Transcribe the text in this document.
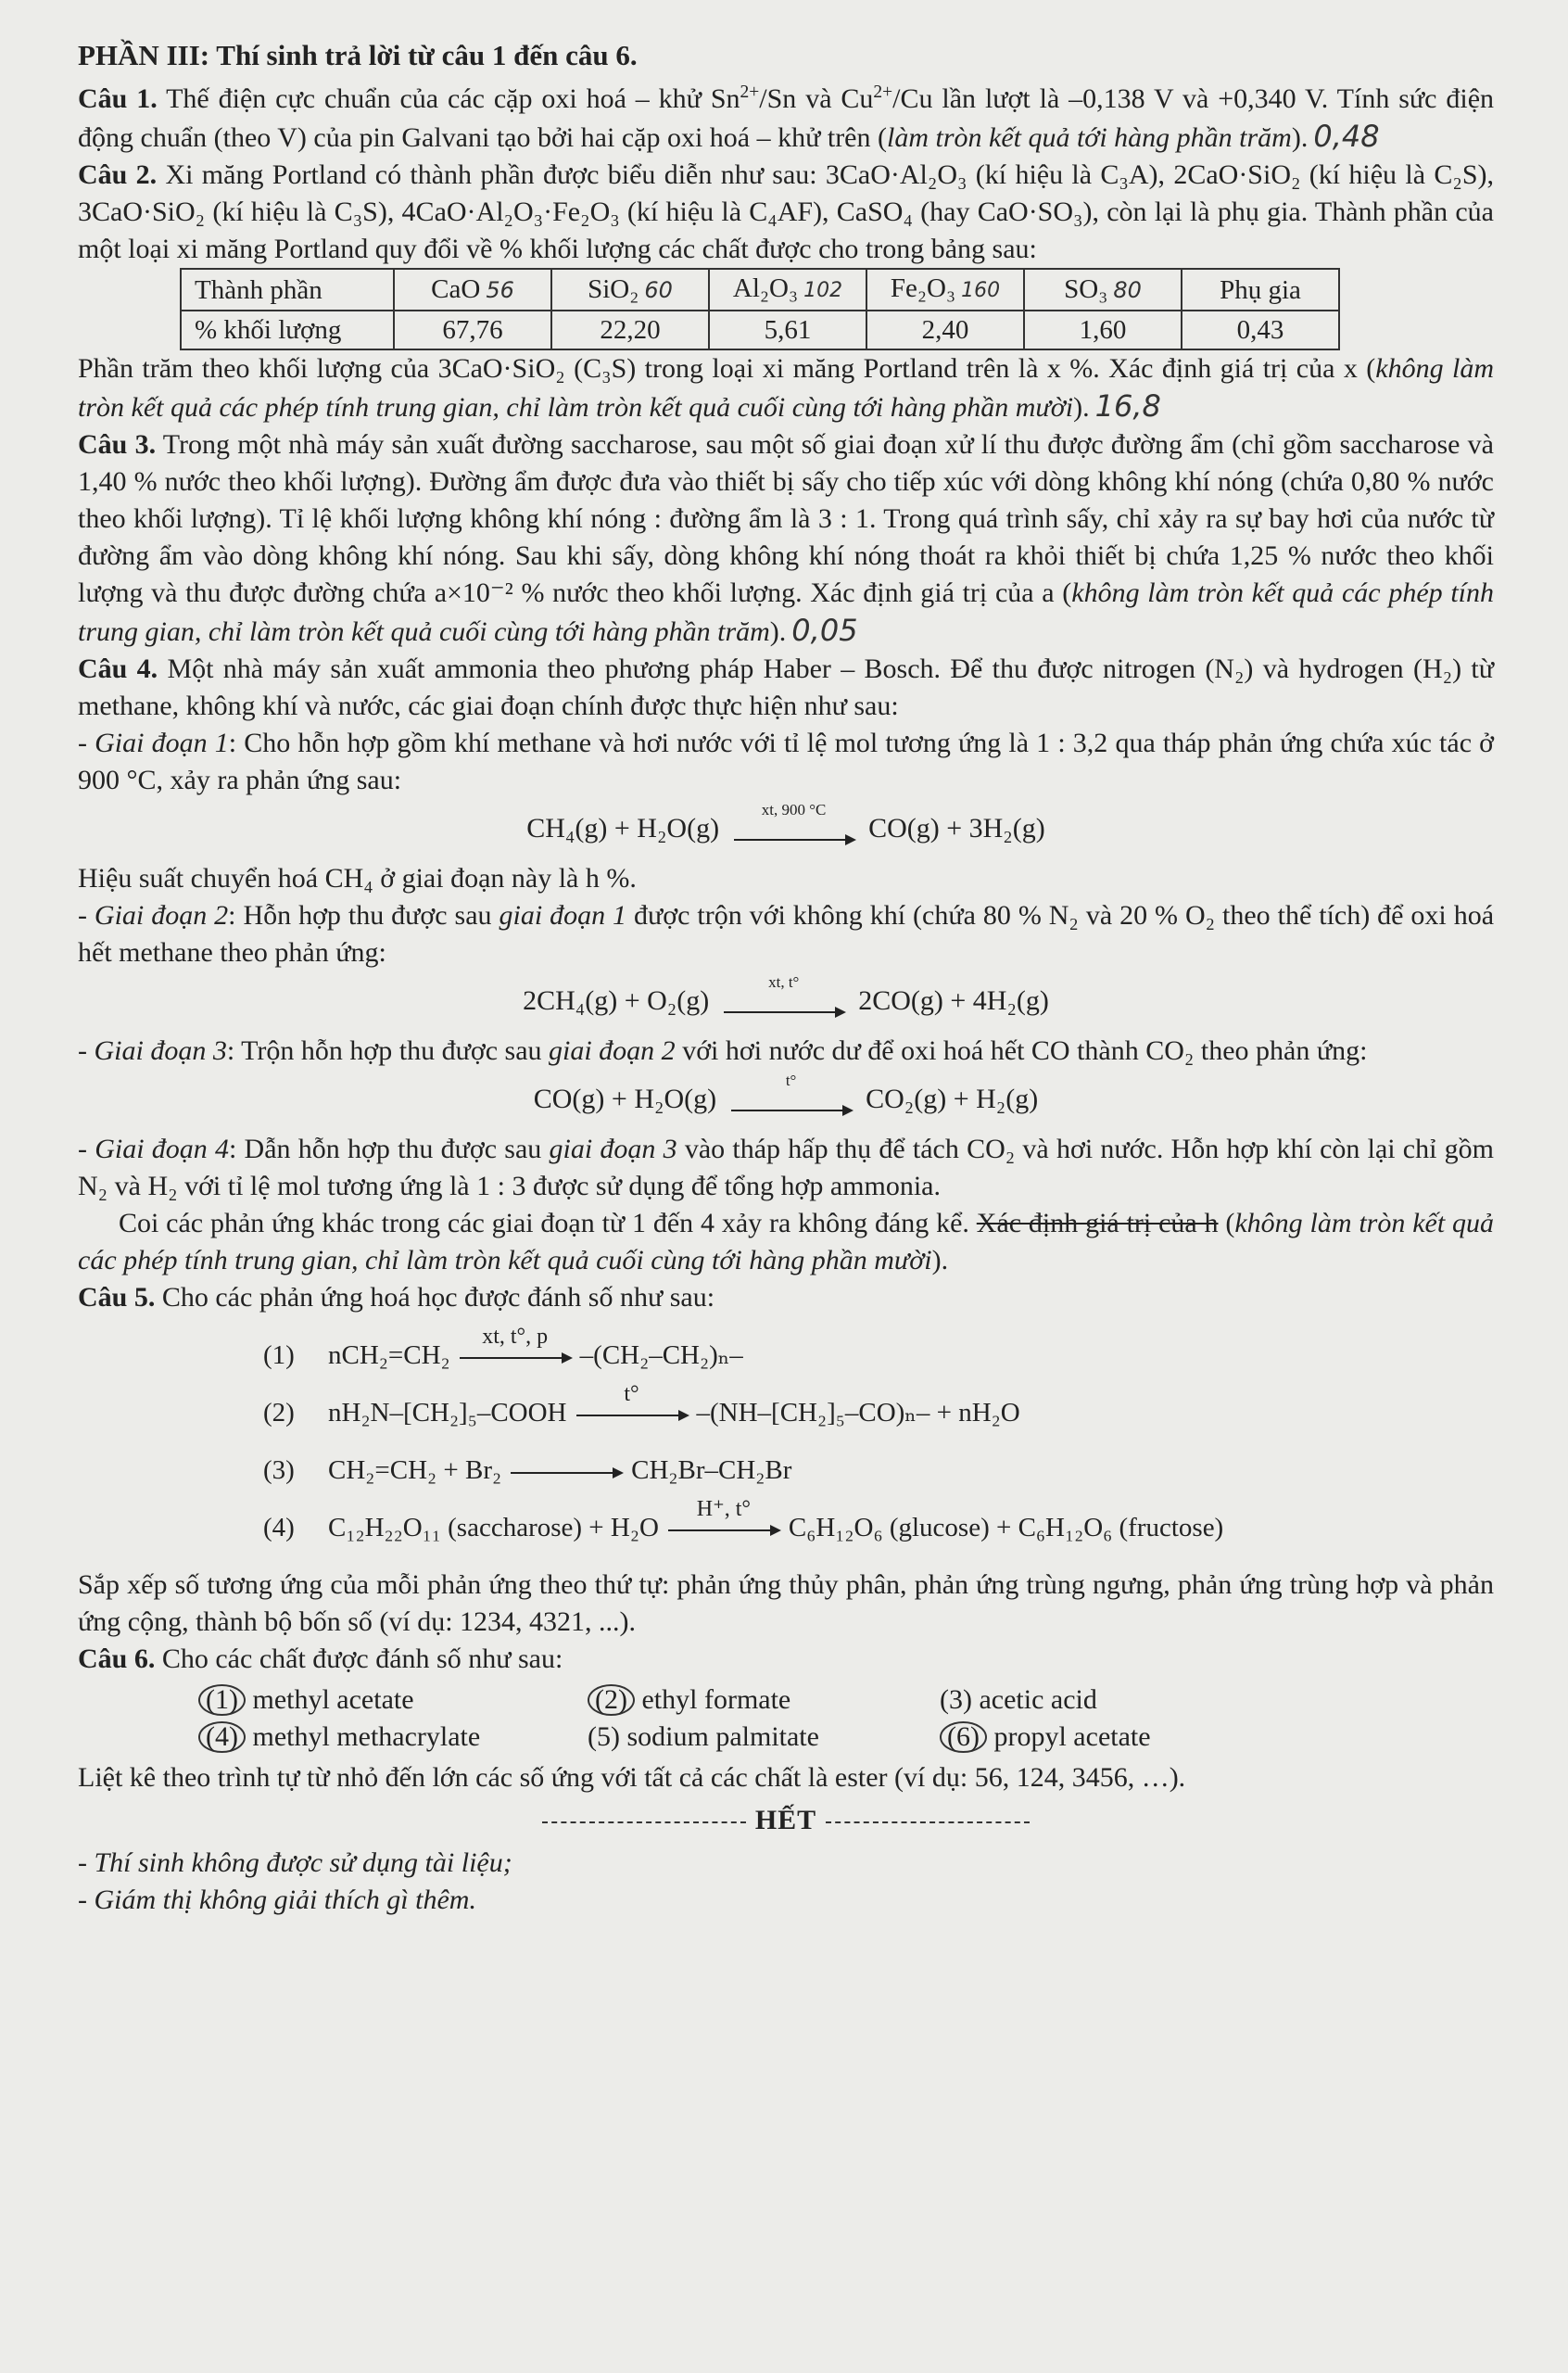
PHẦN III: Thí sinh trả lời từ câu 1 đến câu 6.

Câu 1. Thế điện cực chuẩn của các cặp oxi hoá – khử $Sn^{2+}/Sn$ và $Cu^{2+}/Cu$ lần lượt là –0,138 V và +0,340 V. Tính sức điện động chuẩn (theo V) của pin Galvani tạo bởi hai cặp oxi hoá – khử trên (làm tròn kết quả tới hàng phần trăm). 0,48

Câu 2. Xi măng Portland có thành phần được biểu diễn như sau: 3CaO·Al₂O₃ (kí hiệu là C₃A), 2CaO·SiO₂ (kí hiệu là C₂S), 3CaO·SiO₂ (kí hiệu là C₃S), 4CaO·Al₂O₃·Fe₂O₃ (kí hiệu là C₄AF), CaSO₄ (hay CaO·SO₃), còn lại là phụ gia. Thành phần của một loại xi măng Portland quy đổi về % khối lượng các chất được cho trong bảng sau:

Thành phần	CaO 56	SiO₂ 60	Al₂O₃ 102	Fe₂O₃ 160	SO₃ 80	Phụ gia
% khối lượng	67,76	22,20	5,61	2,40	1,60	0,43

Phần trăm theo khối lượng của 3CaO·SiO₂ (C₃S) trong loại xi măng Portland trên là x %. Xác định giá trị của x (không làm tròn kết quả các phép tính trung gian, chỉ làm tròn kết quả cuối cùng tới hàng phần mười). 16,8

Câu 3. Trong một nhà máy sản xuất đường saccharose, sau một số giai đoạn xử lí thu được đường ẩm (chỉ gồm saccharose và 1,40 % nước theo khối lượng). Đường ẩm được đưa vào thiết bị sấy cho tiếp xúc với dòng không khí nóng (chứa 0,80 % nước theo khối lượng). Tỉ lệ khối lượng không khí nóng : đường ẩm là 3 : 1. Trong quá trình sấy, chỉ xảy ra sự bay hơi của nước từ đường ẩm vào dòng không khí nóng. Sau khi sấy, dòng không khí nóng thoát ra khỏi thiết bị chứa 1,25 % nước theo khối lượng và thu được đường chứa a×10⁻² % nước theo khối lượng. Xác định giá trị của a (không làm tròn kết quả các phép tính trung gian, chỉ làm tròn kết quả cuối cùng tới hàng phần trăm). 0,05

Câu 4. Một nhà máy sản xuất ammonia theo phương pháp Haber – Bosch. Để thu được nitrogen (N₂) và hydrogen (H₂) từ methane, không khí và nước, các giai đoạn chính được thực hiện như sau:

- Giai đoạn 1: Cho hỗn hợp gồm khí methane và hơi nước với tỉ lệ mol tương ứng là 1 : 3,2 qua tháp phản ứng chứa xúc tác ở 900 °C, xảy ra phản ứng sau:

CH₄(g) + H₂O(g)
xt, 900 °C
CO(g) + 3H₂(g)

Hiệu suất chuyển hoá CH₄ ở giai đoạn này là h %.

- Giai đoạn 2: Hỗn hợp thu được sau giai đoạn 1 được trộn với không khí (chứa 80 % N₂ và 20 % O₂ theo thể tích) để oxi hoá hết methane theo phản ứng:

2CH₄(g) + O₂(g)
xt, t°
2CO(g) + 4H₂(g)

- Giai đoạn 3: Trộn hỗn hợp thu được sau giai đoạn 2 với hơi nước dư để oxi hoá hết CO thành CO₂ theo phản ứng:

CO(g) + H₂O(g)
t°
CO₂(g) + H₂(g)

- Giai đoạn 4: Dẫn hỗn hợp thu được sau giai đoạn 3 vào tháp hấp thụ để tách CO₂ và hơi nước. Hỗn hợp khí còn lại chỉ gồm N₂ và H₂ với tỉ lệ mol tương ứng là 1 : 3 được sử dụng để tổng hợp ammonia.

Coi các phản ứng khác trong các giai đoạn từ 1 đến 4 xảy ra không đáng kể. Xác định giá trị của h (không làm tròn kết quả các phép tính trung gian, chỉ làm tròn kết quả cuối cùng tới hàng phần mười).

Câu 5. Cho các phản ứng hoá học được đánh số như sau:

(1) nCH₂=CH₂
xt, t°, p
–(CH₂–CH₂)ₙ–
(2) nH₂N–[CH₂]₅–COOH
t°
–(NH–[CH₂]₅–CO)ₙ– + nH₂O
(3) CH₂=CH₂ + Br₂	CH₂Br–CH₂Br
(4) C₁₂H₂₂O₁₁ (saccharose) + H₂O
H⁺, t°
C₆H₁₂O₆ (glucose) + C₆H₁₂O₆ (fructose)

Sắp xếp số tương ứng của mỗi phản ứng theo thứ tự: phản ứng thủy phân, phản ứng trùng ngưng, phản ứng trùng hợp và phản ứng cộng, thành bộ bốn số (ví dụ: 1234, 4321, ...).

Câu 6. Cho các chất được đánh số như sau:

(1) methyl acetate	(2) ethyl formate	(3) acetic acid
(4) methyl methacrylate	(5) sodium palmitate	(6) propyl acetate

Liệt kê theo trình tự từ nhỏ đến lớn các số ứng với tất cả các chất là ester (ví dụ: 56, 124, 3456, …).

HẾT

- Thí sinh không được sử dụng tài liệu;

- Giám thị không giải thích gì thêm.
